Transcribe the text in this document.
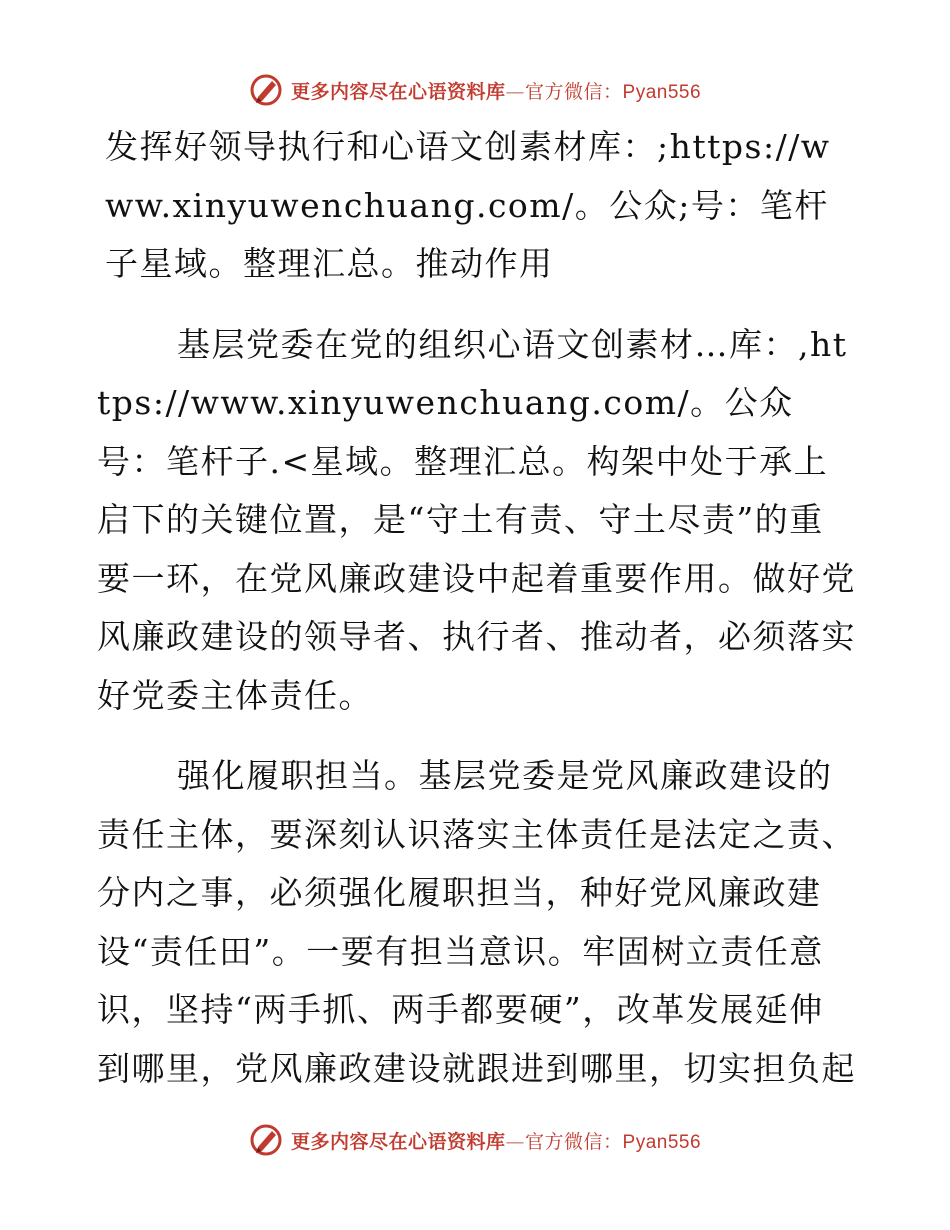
更多内容尽在心语资料库—官方微信：Pyan556

发挥好领导执行和心语文创素材库：;https://www.xinyuwenchuang.com/。公众;号：笔杆子星域。整理汇总。推动作用

基层党委在党的组织心语文创素材…库：,https://www.xinyuwenchuang.com/。公众号：笔杆子.<星域。整理汇总。构架中处于承上启下的关键位置，是“守土有责、守土尽责”的重要一环，在党风廉政建设中起着重要作用。做好党风廉政建设的领导者、执行者、推动者，必须落实好党委主体责任。

强化履职担当。基层党委是党风廉政建设的责任主体，要深刻认识落实主体责任是法定之责、分内之事，必须强化履职担当，种好党风廉政建设“责任田”。一要有担当意识。牢固树立责任意识，坚持“两手抓、两手都要硬”，改革发展延伸到哪里，党风廉政建设就跟进到哪里，切实担负起

更多内容尽在心语资料库—官方微信：Pyan556
